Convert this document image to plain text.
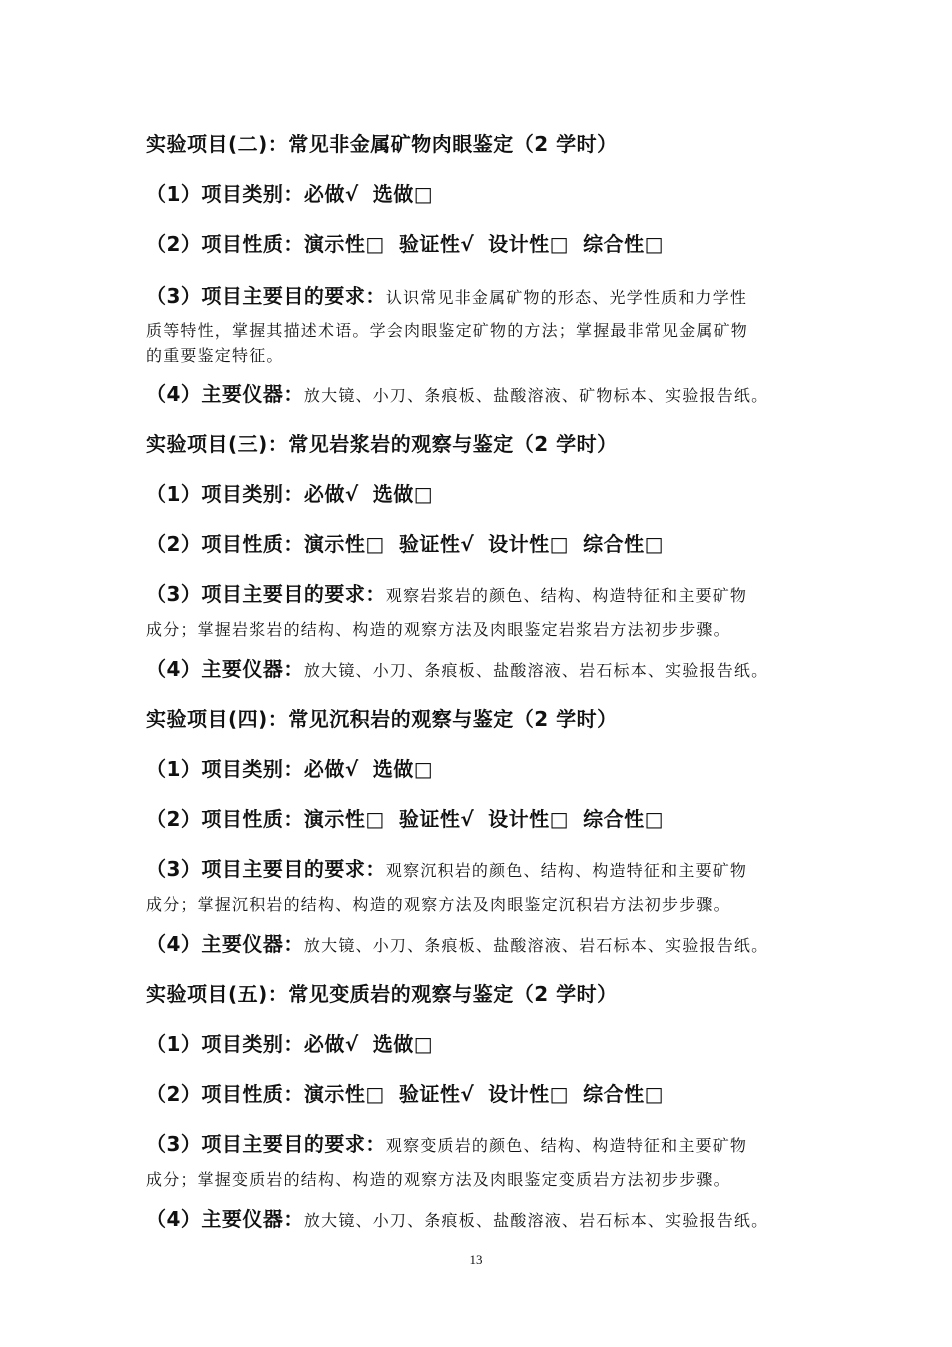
实验项目(二)：常见非金属矿物肉眼鉴定（2 学时）
（1）项目类别：必做√ 选做□
（2）项目性质：演示性□ 验证性√ 设计性□ 综合性□
（3）项目主要目的要求：认识常见非金属矿物的形态、光学性质和力学性
质等特性，掌握其描述术语。学会肉眼鉴定矿物的方法；掌握最非常见金属矿物
的重要鉴定特征。
（4）主要仪器：放大镜、小刀、条痕板、盐酸溶液、矿物标本、实验报告纸。
实验项目(三)：常见岩浆岩的观察与鉴定（2 学时）
（1）项目类别：必做√ 选做□
（2）项目性质：演示性□ 验证性√ 设计性□ 综合性□
（3）项目主要目的要求：观察岩浆岩的颜色、结构、构造特征和主要矿物
成分；掌握岩浆岩的结构、构造的观察方法及肉眼鉴定岩浆岩方法初步步骤。
（4）主要仪器：放大镜、小刀、条痕板、盐酸溶液、岩石标本、实验报告纸。
实验项目(四)：常见沉积岩的观察与鉴定（2 学时）
（1）项目类别：必做√ 选做□
（2）项目性质：演示性□ 验证性√ 设计性□ 综合性□
（3）项目主要目的要求：观察沉积岩的颜色、结构、构造特征和主要矿物
成分；掌握沉积岩的结构、构造的观察方法及肉眼鉴定沉积岩方法初步步骤。
（4）主要仪器：放大镜、小刀、条痕板、盐酸溶液、岩石标本、实验报告纸。
实验项目(五)：常见变质岩的观察与鉴定（2 学时）
（1）项目类别：必做√ 选做□
（2）项目性质：演示性□ 验证性√ 设计性□ 综合性□
（3）项目主要目的要求：观察变质岩的颜色、结构、构造特征和主要矿物
成分；掌握变质岩的结构、构造的观察方法及肉眼鉴定变质岩方法初步步骤。
（4）主要仪器：放大镜、小刀、条痕板、盐酸溶液、岩石标本、实验报告纸。
13
